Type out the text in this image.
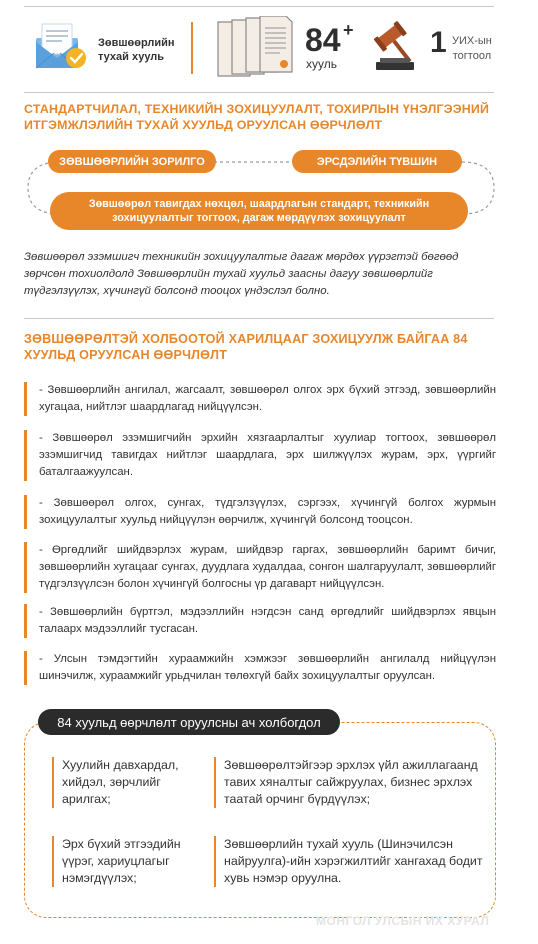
Зөвшөөрлийн
тухай хууль	84 +
хууль
1 УИХ-ын
тогтоол
СТАНДАРТЧИЛАЛ, ТЕХНИКИЙН ЗОХИЦУУЛАЛТ, ТОХИРЛЫН ҮНЭЛГЭЭНИЙ ИТГЭМЖЛЭЛИЙН ТУХАЙ ХУУЛЬД ОРУУЛСАН ӨӨРЧЛӨЛТ
ЗӨВШӨӨРЛИЙН ЗОРИЛГО	ЭРСДЭЛИЙН ТҮВШИН
Зөвшөөрөл тавигдах нөхцөл, шаардлагын стандарт, техникийн зохицуулалтыг тогтоох, дагаж мөрдүүлэх зохицуулалт
Зөвшөөрөл эзэмшигч техникийн зохицуулалтыг дагаж мөрдөх үүрэгтэй бөгөөд зөрчсөн тохиолдолд Зөвшөөрлийн тухай хуульд заасны дагуу зөвшөөрлийг түдгэлзүүлэх, хүчингүй болсонд тооцох үндэслэл болно.
ЗӨВШӨӨРӨЛТЭЙ ХОЛБООТОЙ ХАРИЛЦААГ ЗОХИЦУУЛЖ БАЙГАА 84 ХУУЛЬД ОРУУЛСАН ӨӨРЧЛӨЛТ
- Зөвшөөрлийн ангилал, жагсаалт, зөвшөөрөл олгох эрх бүхий этгээд, зөвшөөрлийн хугацаа, нийтлэг шаардлагад нийцүүлсэн.
- Зөвшөөрөл эзэмшигчийн эрхийн хязгаарлалтыг хуулиар тогтоох, зөвшөөрөл эзэмшигчид тавигдах нийтлэг шаардлага, эрх шилжүүлэх журам, эрх, үүргийг баталгаажуулсан.
- Зөвшөөрөл олгох, сунгах, түдгэлзүүлэх, сэргээх, хүчингүй болгох журмын зохицуулалтыг хуульд нийцүүлэн өөрчилж, хүчингүй болсонд тооцсон.
- Өргөдлийг шийдвэрлэх журам, шийдвэр гаргах, зөвшөөрлийн баримт бичиг, зөвшөөрлийн хугацааг сунгах, дуудлага худалдаа, сонгон шалгаруулалт, зөвшөөрлийг түдгэлзүүлсэн болон хүчингүй болгосны үр дагаварт нийцүүлсэн.
- Зөвшөөрлийн бүртгэл, мэдээллийн нэгдсэн санд өргөдлийг шийдвэрлэх явцын талаарх мэдээллийг тусгасан.
- Улсын тэмдэгтийн хураамжийн хэмжээг зөвшөөрлийн ангилалд нийцүүлэн шинэчилж, хураамжийг урьдчилан төлөхгүй байх зохицуулалтыг оруулсан.
84 хуульд өөрчлөлт оруулсны ач холбогдол
Хуулийн давхардал, хийдэл, зөрчлийг арилгах;
Зөвшөөрөлтэйгээр эрхлэх үйл ажиллагаанд тавих хяналтыг сайжруулах, бизнес эрхлэх таатай орчинг бүрдүүлэх;
Эрх бүхий этгээдийн үүрэг, хариуцлагыг нэмэгдүүлэх;
Зөвшөөрлийн тухай хууль (Шинэчилсэн найруулга)-ийн хэрэгжилтийг хангахад бодит хувь нэмэр оруулна.
МОНГОЛ УЛСЫН ИХ ХУРАЛ
